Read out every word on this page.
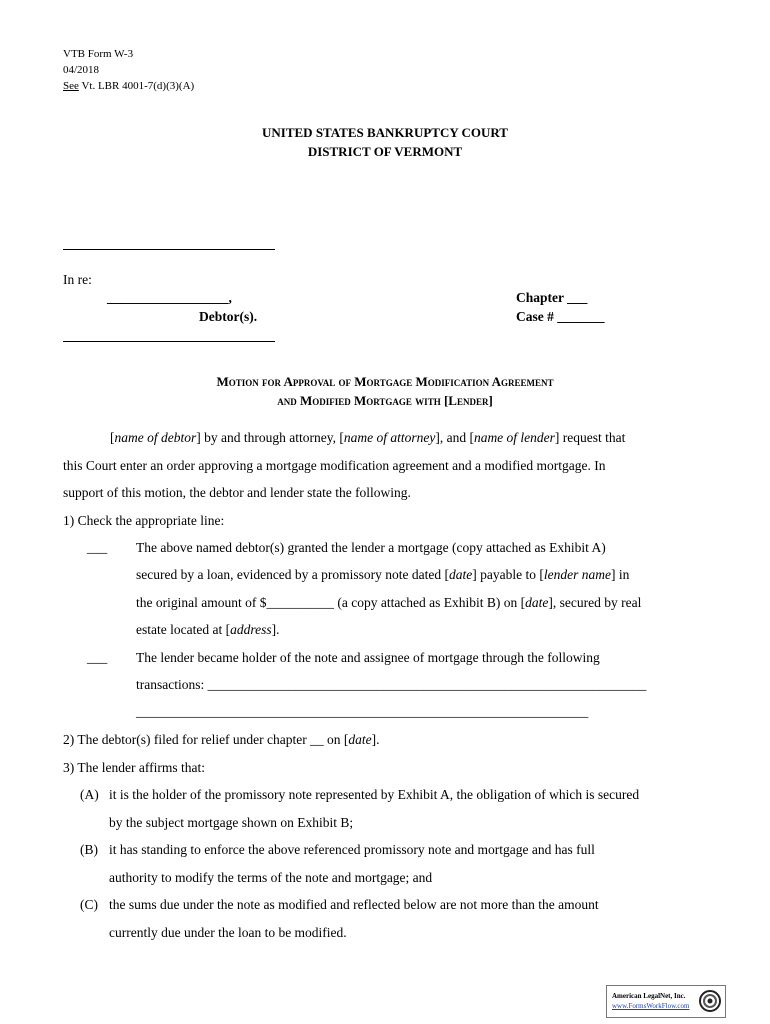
VTB Form W-3
04/2018
See Vt. LBR 4001-7(d)(3)(A)
UNITED STATES BANKRUPTCY COURT
DISTRICT OF VERMONT
In re:
__________________,
Debtor(s).
Chapter ___
Case # _______
Motion for Approval of Mortgage Modification Agreement
and Modified Mortgage with [Lender]
[name of debtor] by and through attorney, [name of attorney], and [name of lender] request that
this Court enter an order approving a mortgage modification agreement and a modified mortgage. In
support of this motion, the debtor and lender state the following.
1) Check the appropriate line:
___ The above named debtor(s) granted the lender a mortgage (copy attached as Exhibit A)
secured by a loan, evidenced by a promissory note dated [date] payable to [lender name] in
the original amount of $__________ (a copy attached as Exhibit B) on [date], secured by real
estate located at [address].
___ The lender became holder of the note and assignee of mortgage through the following
transactions: _________________________________________________________________
___________________________________________________________________
2) The debtor(s) filed for relief under chapter __ on [date].
3) The lender affirms that:
(A) it is the holder of the promissory note represented by Exhibit A, the obligation of which is secured
by the subject mortgage shown on Exhibit B;
(B) it has standing to enforce the above referenced promissory note and mortgage and has full
authority to modify the terms of the note and mortgage; and
(C) the sums due under the note as modified and reflected below are not more than the amount
currently due under the loan to be modified.
American LegalNet, Inc.
www.FormsWorkFlow.com
